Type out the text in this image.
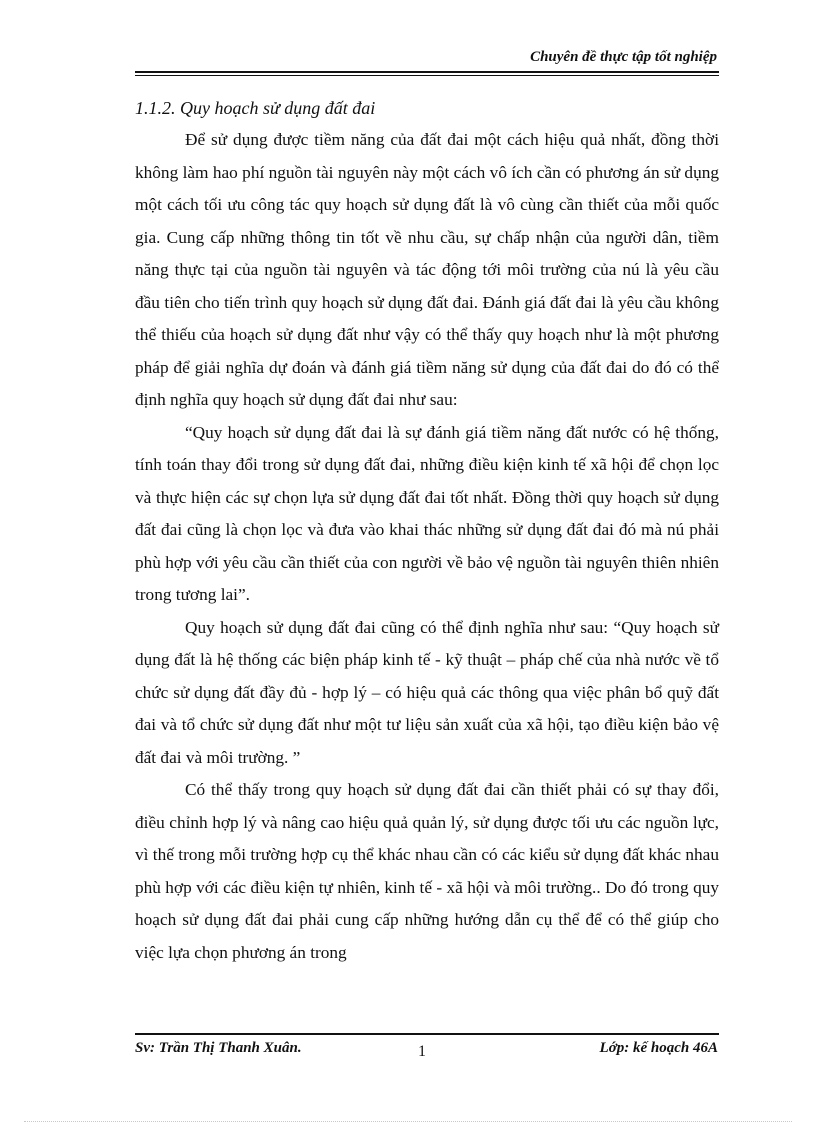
Chuyên đề thực tập tốt nghiệp

1.1.2. Quy hoạch sử dụng đất đai

Để sử dụng được tiềm năng của đất đai một cách hiệu quả nhất, đồng thời không làm hao phí nguồn tài nguyên này một cách vô ích cần có phương án sử dụng một cách tối ưu công tác quy hoạch sử dụng đất là vô cùng cần thiết của mỗi quốc gia. Cung cấp những thông tin tốt về nhu cầu, sự chấp nhận của người dân, tiềm năng thực tại của nguồn tài nguyên và tác động tới môi trường của nú là yêu cầu đầu tiên cho tiến trình quy hoạch sử dụng đất đai. Đánh giá đất đai là yêu cầu không thể thiếu của hoạch sử dụng đất như vậy có thể thấy quy hoạch như là một phương pháp để giải nghĩa dự đoán và đánh giá tiềm năng sử dụng của đất đai do đó có thể định nghĩa quy hoạch sử dụng đất đai như sau:

“Quy hoạch sử dụng đất đai là sự đánh giá tiềm năng đất nước có hệ thống, tính toán thay đổi trong sử dụng đất đai, những điều kiện kinh tế xã hội để chọn lọc và thực hiện các sự chọn lựa sử dụng đất đai tốt nhất. Đồng thời quy hoạch sử dụng đất đai cũng là chọn lọc và đưa vào khai thác những sử dụng đất đai đó mà nú phải phù hợp với yêu cầu cần thiết của con người về bảo vệ nguồn tài nguyên thiên nhiên trong tương lai”.

Quy hoạch sử dụng đất đai cũng có thể định nghĩa như sau: “Quy hoạch sử dụng đất là hệ thống các biện pháp kinh tế - kỹ thuật – pháp chế của nhà nước về tổ chức sử dụng đất đầy đủ - hợp lý – có hiệu quả các thông qua việc phân bổ quỹ đất đai và tổ chức sử dụng đất như một tư liệu sản xuất của xã hội, tạo điều kiện bảo vệ đất đai và môi trường. ”

Có thể thấy trong quy hoạch sử dụng đất đai cần thiết phải có sự thay đổi, điều chỉnh hợp lý và nâng cao hiệu quả quản lý, sử dụng được tối ưu các nguồn lực, vì thế trong mỗi trường hợp cụ thể khác nhau cần có các kiểu sử dụng đất khác nhau phù hợp với các điều kiện tự nhiên, kinh tế - xã hội và môi trường.. Do đó trong quy hoạch sử dụng đất đai phải cung cấp những hướng dẫn cụ thể để có thể giúp cho việc lựa chọn phương án trong

Sv: Trần Thị Thanh Xuân.	1	Lớp: kế hoạch 46A
